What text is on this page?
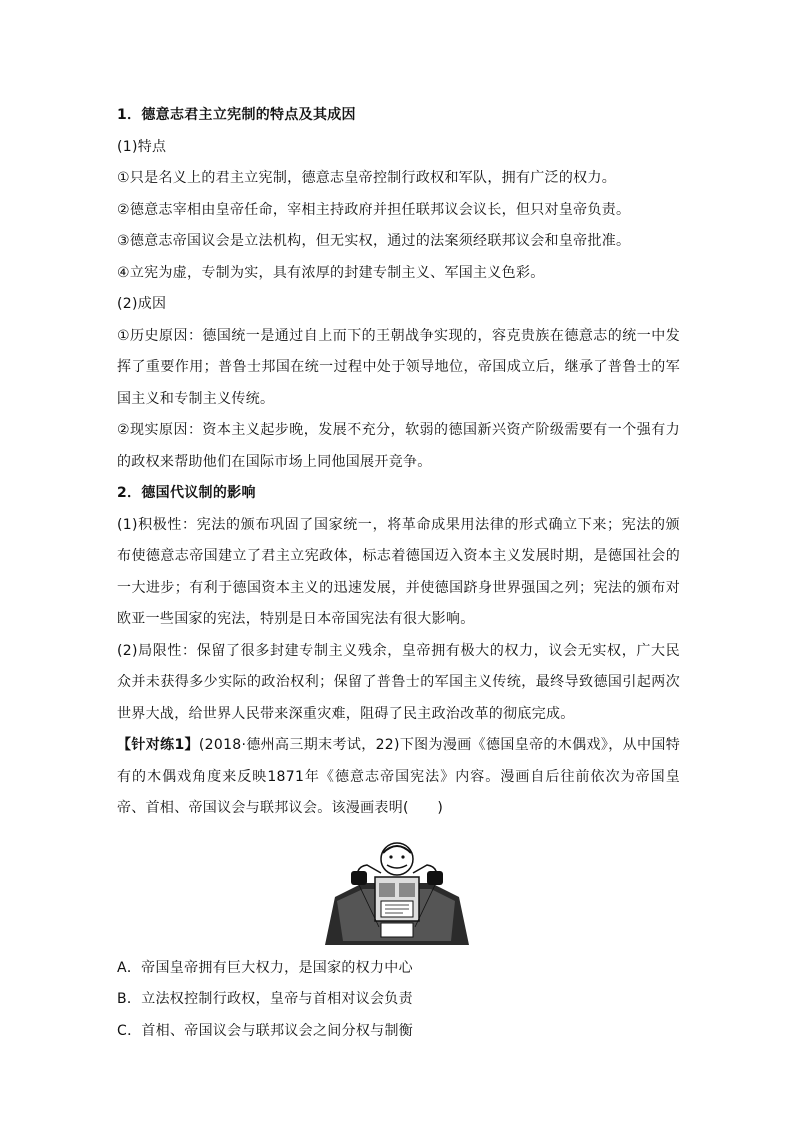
1．德意志君主立宪制的特点及其成因

(1)特点

①只是名义上的君主立宪制，德意志皇帝控制行政权和军队，拥有广泛的权力。

②德意志宰相由皇帝任命，宰相主持政府并担任联邦议会议长，但只对皇帝负责。

③德意志帝国议会是立法机构，但无实权，通过的法案须经联邦议会和皇帝批准。

④立宪为虚，专制为实，具有浓厚的封建专制主义、军国主义色彩。

(2)成因

①历史原因：德国统一是通过自上而下的王朝战争实现的，容克贵族在德意志的统一中发挥了重要作用；普鲁士邦国在统一过程中处于领导地位，帝国成立后，继承了普鲁士的军国主义和专制主义传统。

②现实原因：资本主义起步晚，发展不充分，软弱的德国新兴资产阶级需要有一个强有力的政权来帮助他们在国际市场上同他国展开竞争。

2．德国代议制的影响

(1)积极性：宪法的颁布巩固了国家统一，将革命成果用法律的形式确立下来；宪法的颁布使德意志帝国建立了君主立宪政体，标志着德国迈入资本主义发展时期，是德国社会的一大进步；有利于德国资本主义的迅速发展，并使德国跻身世界强国之列；宪法的颁布对欧亚一些国家的宪法，特别是日本帝国宪法有很大影响。

(2)局限性：保留了很多封建专制主义残余，皇帝拥有极大的权力，议会无实权，广大民众并未获得多少实际的政治权利；保留了普鲁士的军国主义传统，最终导致德国引起两次世界大战，给世界人民带来深重灾难，阻碍了民主政治改革的彻底完成。

【针对练1】(2018·德州高三期末考试，22)下图为漫画《德国皇帝的木偶戏》，从中国特有的木偶戏角度来反映1871年《德意志帝国宪法》内容。漫画自后往前依次为帝国皇帝、首相、帝国议会与联邦议会。该漫画表明(　　)

A．帝国皇帝拥有巨大权力，是国家的权力中心

B．立法权控制行政权，皇帝与首相对议会负责

C．首相、帝国议会与联邦议会之间分权与制衡
